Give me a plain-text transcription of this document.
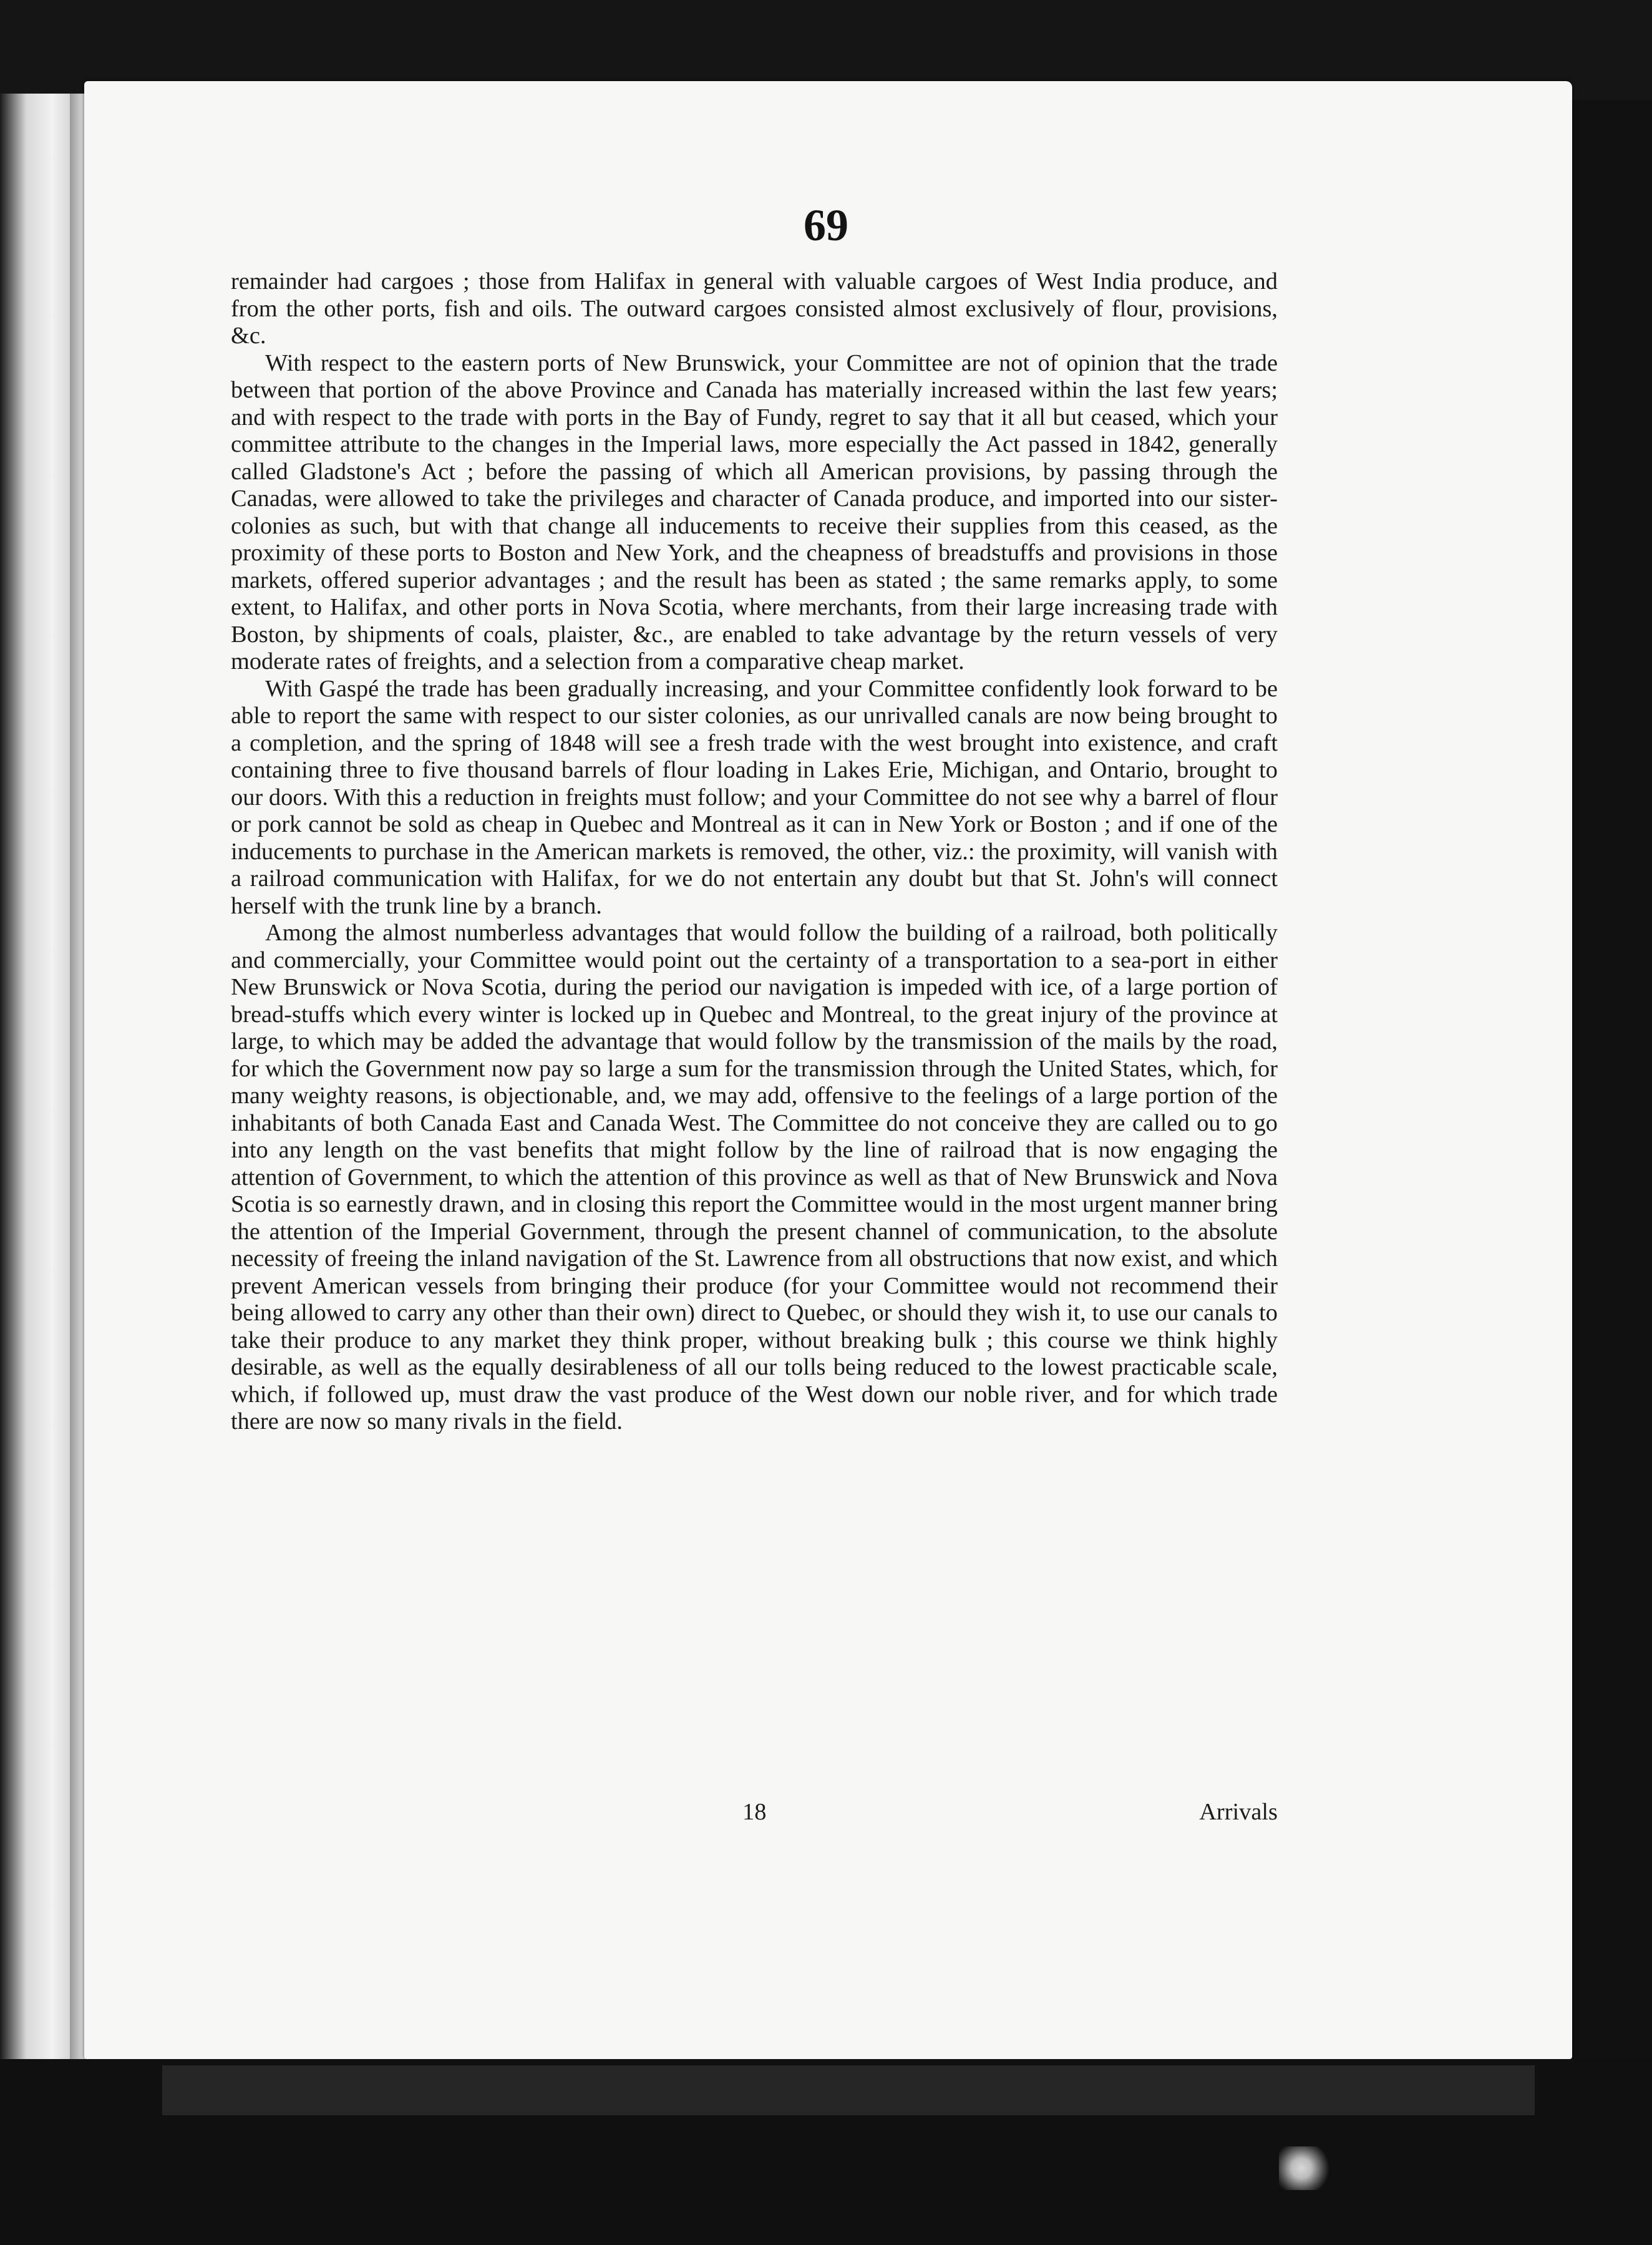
69

remainder had cargoes ; those from Halifax in general with valuable cargoes of West India produce, and from the other ports, fish and oils. The outward cargoes consisted almost exclusively of flour, provisions, &c.

With respect to the eastern ports of New Brunswick, your Committee are not of opinion that the trade between that portion of the above Province and Canada has materially increased within the last few years; and with respect to the trade with ports in the Bay of Fundy, regret to say that it all but ceased, which your committee attribute to the changes in the Imperial laws, more especially the Act passed in 1842, generally called Gladstone's Act ; before the passing of which all American provisions, by passing through the Canadas, were allowed to take the privileges and character of Canada produce, and imported into our sister-colonies as such, but with that change all inducements to receive their supplies from this ceased, as the proximity of these ports to Boston and New York, and the cheapness of breadstuffs and provisions in those markets, offered superior advantages ; and the result has been as stated ; the same remarks apply, to some extent, to Halifax, and other ports in Nova Scotia, where merchants, from their large increasing trade with Boston, by shipments of coals, plaister, &c., are enabled to take advantage by the return vessels of very moderate rates of freights, and a selection from a comparative cheap market.

With Gaspé the trade has been gradually increasing, and your Committee confidently look forward to be able to report the same with respect to our sister colonies, as our unrivalled canals are now being brought to a completion, and the spring of 1848 will see a fresh trade with the west brought into existence, and craft containing three to five thousand barrels of flour loading in Lakes Erie, Michigan, and Ontario, brought to our doors. With this a reduction in freights must follow; and your Committee do not see why a barrel of flour or pork cannot be sold as cheap in Quebec and Montreal as it can in New York or Boston ; and if one of the inducements to purchase in the American markets is removed, the other, viz.: the proximity, will vanish with a railroad communication with Halifax, for we do not entertain any doubt but that St. John's will connect herself with the trunk line by a branch.

Among the almost numberless advantages that would follow the building of a railroad, both politically and commercially, your Committee would point out the certainty of a transportation to a sea-port in either New Brunswick or Nova Scotia, during the period our navigation is impeded with ice, of a large portion of bread-stuffs which every winter is locked up in Quebec and Montreal, to the great injury of the province at large, to which may be added the advantage that would follow by the transmission of the mails by the road, for which the Government now pay so large a sum for the transmission through the United States, which, for many weighty reasons, is objectionable, and, we may add, offensive to the feelings of a large portion of the inhabitants of both Canada East and Canada West. The Committee do not conceive they are called ou to go into any length on the vast benefits that might follow by the line of railroad that is now engaging the attention of Government, to which the attention of this province as well as that of New Brunswick and Nova Scotia is so earnestly drawn, and in closing this report the Committee would in the most urgent manner bring the attention of the Imperial Government, through the present channel of communication, to the absolute necessity of freeing the inland navigation of the St. Lawrence from all obstructions that now exist, and which prevent American vessels from bringing their produce (for your Committee would not recommend their being allowed to carry any other than their own) direct to Quebec, or should they wish it, to use our canals to take their produce to any market they think proper, without breaking bulk ; this course we think highly desirable, as well as the equally desirableness of all our tolls being reduced to the lowest practicable scale, which, if followed up, must draw the vast produce of the West down our noble river, and for which trade there are now so many rivals in the field.

18	Arrivals
